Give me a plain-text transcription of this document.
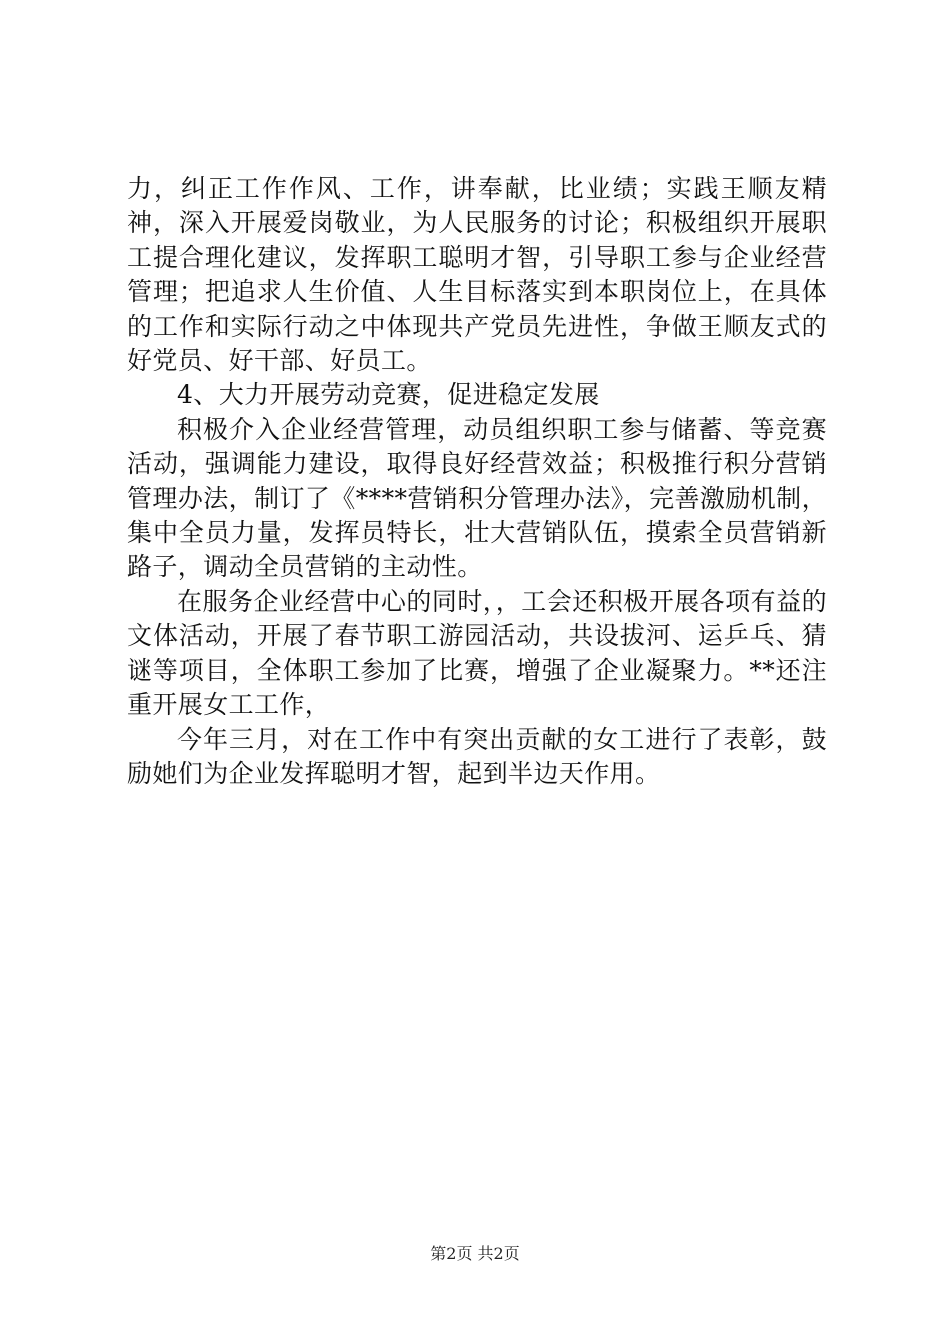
力，纠正工作作风、工作，讲奉献，比业绩；实践王顺友精神，深入开展爱岗敬业，为人民服务的讨论；积极组织开展职工提合理化建议，发挥职工聪明才智，引导职工参与企业经营管理；把追求人生价值、人生目标落实到本职岗位上，在具体的工作和实际行动之中体现共产党员先进性，争做王顺友式的好党员、好干部、好员工。

4、大力开展劳动竞赛，促进稳定发展

积极介入企业经营管理，动员组织职工参与储蓄、等竞赛活动，强调能力建设，取得良好经营效益；积极推行积分营销管理办法，制订了《****营销积分管理办法》，完善激励机制，集中全员力量，发挥员特长，壮大营销队伍，摸索全员营销新路子，调动全员营销的主动性。

在服务企业经营中心的同时，，工会还积极开展各项有益的文体活动，开展了春节职工游园活动，共设拔河、运乒乓、猜谜等项目，全体职工参加了比赛，增强了企业凝聚力。**还注重开展女工工作，

今年三月，对在工作中有突出贡献的女工进行了表彰，鼓励她们为企业发挥聪明才智，起到半边天作用。

第2页 共2页
